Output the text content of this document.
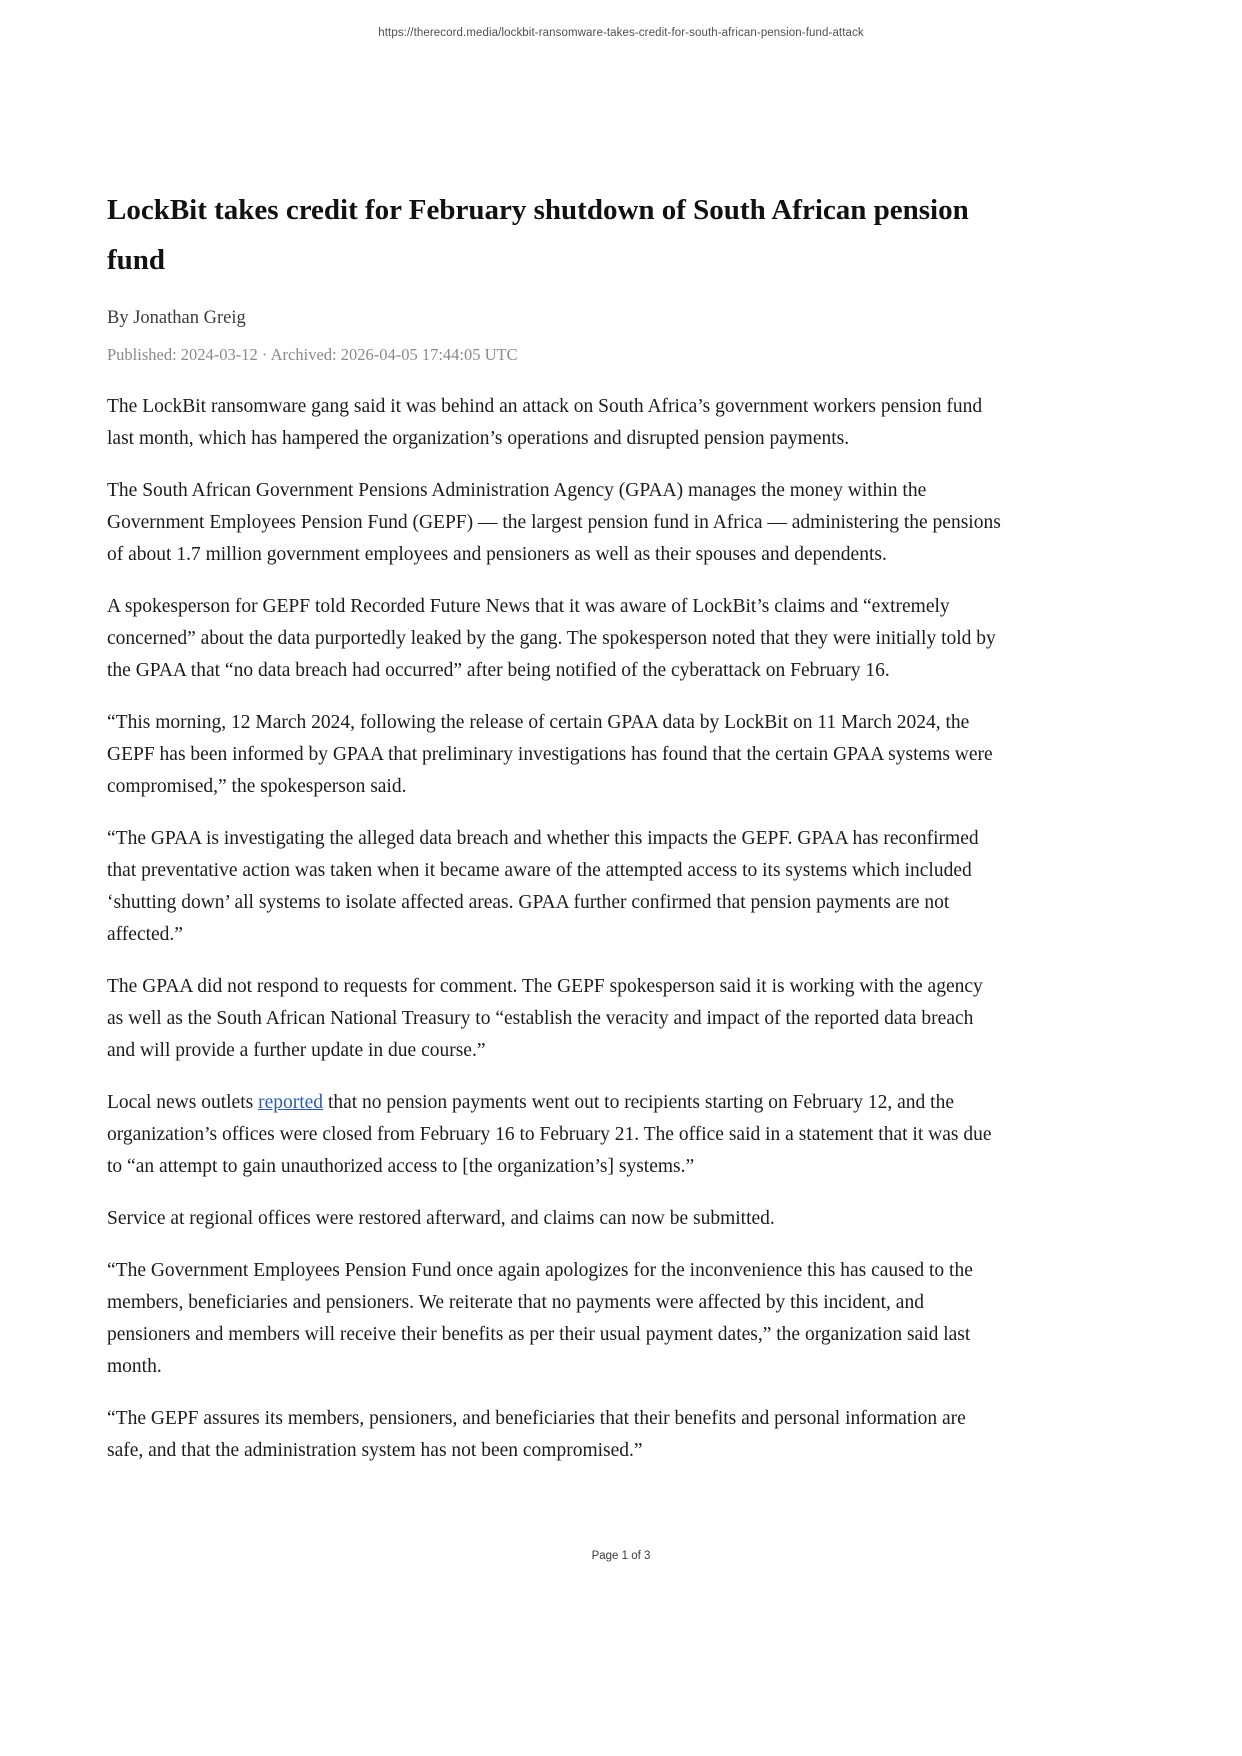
https://therecord.media/lockbit-ransomware-takes-credit-for-south-african-pension-fund-attack
LockBit takes credit for February shutdown of South African pension fund
By Jonathan Greig
Published: 2024-03-12 · Archived: 2026-04-05 17:44:05 UTC

The LockBit ransomware gang said it was behind an attack on South Africa’s government workers pension fund last month, which has hampered the organization’s operations and disrupted pension payments.

The South African Government Pensions Administration Agency (GPAA) manages the money within the Government Employees Pension Fund (GEPF) — the largest pension fund in Africa — administering the pensions of about 1.7 million government employees and pensioners as well as their spouses and dependents.

A spokesperson for GEPF told Recorded Future News that it was aware of LockBit’s claims and “extremely concerned” about the data purportedly leaked by the gang. The spokesperson noted that they were initially told by the GPAA that “no data breach had occurred” after being notified of the cyberattack on February 16.

“This morning, 12 March 2024, following the release of certain GPAA data by LockBit on 11 March 2024, the GEPF has been informed by GPAA that preliminary investigations has found that the certain GPAA systems were compromised,” the spokesperson said.

“The GPAA is investigating the alleged data breach and whether this impacts the GEPF. GPAA has reconfirmed that preventative action was taken when it became aware of the attempted access to its systems which included ‘shutting down’ all systems to isolate affected areas. GPAA further confirmed that pension payments are not affected.”

The GPAA did not respond to requests for comment. The GEPF spokesperson said it is working with the agency as well as the South African National Treasury to “establish the veracity and impact of the reported data breach and will provide a further update in due course.”

Local news outlets reported that no pension payments went out to recipients starting on February 12, and the organization’s offices were closed from February 16 to February 21. The office said in a statement that it was due to “an attempt to gain unauthorized access to [the organization’s] systems.”

Service at regional offices were restored afterward, and claims can now be submitted.

“The Government Employees Pension Fund once again apologizes for the inconvenience this has caused to the members, beneficiaries and pensioners. We reiterate that no payments were affected by this incident, and pensioners and members will receive their benefits as per their usual payment dates,” the organization said last month.

“The GEPF assures its members, pensioners, and beneficiaries that their benefits and personal information are safe, and that the administration system has not been compromised.”

Page 1 of 3
